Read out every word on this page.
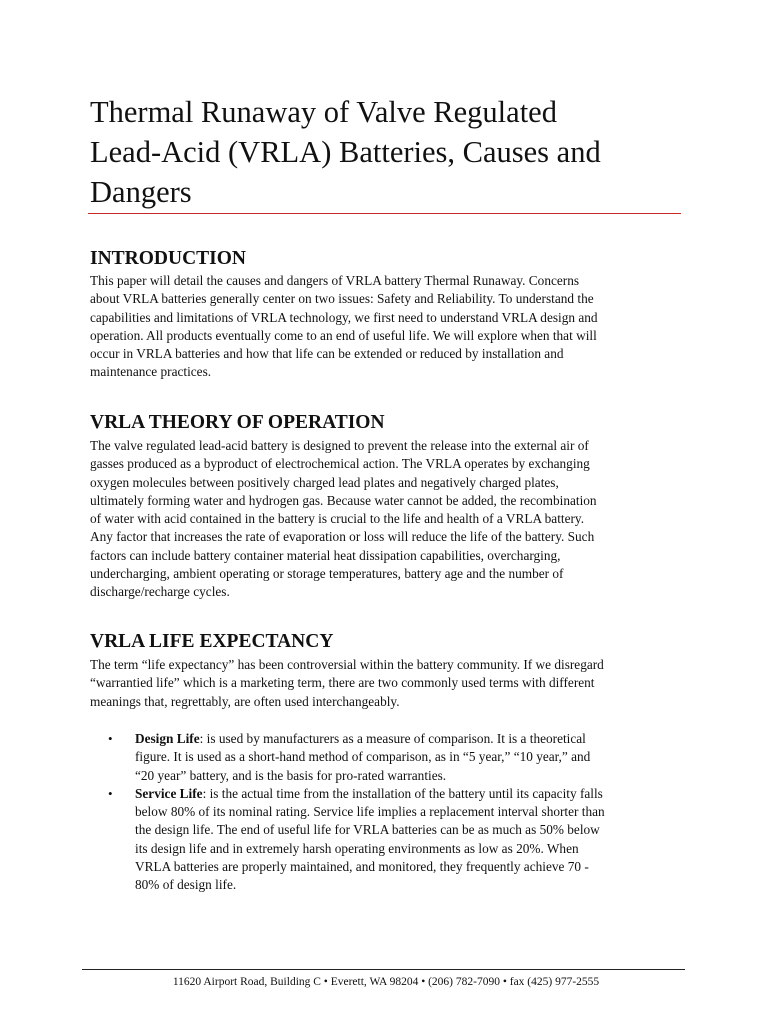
Thermal Runaway of Valve Regulated
Lead-Acid (VRLA) Batteries, Causes and
Dangers
INTRODUCTION

This paper will detail the causes and dangers of VRLA battery Thermal Runaway. Concerns
about VRLA batteries generally center on two issues: Safety and Reliability. To understand the
capabilities and limitations of VRLA technology, we first need to understand VRLA design and
operation. All products eventually come to an end of useful life. We will explore when that will
occur in VRLA batteries and how that life can be extended or reduced by installation and
maintenance practices.

VRLA THEORY OF OPERATION

The valve regulated lead-acid battery is designed to prevent the release into the external air of
gasses produced as a byproduct of electrochemical action. The VRLA operates by exchanging
oxygen molecules between positively charged lead plates and negatively charged plates,
ultimately forming water and hydrogen gas. Because water cannot be added, the recombination
of water with acid contained in the battery is crucial to the life and health of a VRLA battery.
Any factor that increases the rate of evaporation or loss will reduce the life of the battery. Such
factors can include battery container material heat dissipation capabilities, overcharging,
undercharging, ambient operating or storage temperatures, battery age and the number of
discharge/recharge cycles.

VRLA LIFE EXPECTANCY

The term “life expectancy” has been controversial within the battery community. If we disregard
“warrantied life” which is a marketing term, there are two commonly used terms with different
meanings that, regrettably, are often used interchangeably.

• Design Life: is used by manufacturers as a measure of comparison. It is a theoretical
figure. It is used as a short-hand method of comparison, as in “5 year,” “10 year,” and
“20 year” battery, and is the basis for pro-rated warranties.
• Service Life: is the actual time from the installation of the battery until its capacity falls
below 80% of its nominal rating. Service life implies a replacement interval shorter than
the design life. The end of useful life for VRLA batteries can be as much as 50% below
its design life and in extremely harsh operating environments as low as 20%. When
VRLA batteries are properly maintained, and monitored, they frequently achieve 70 -
80% of design life.

11620 Airport Road, Building C • Everett, WA 98204 • (206) 782-7090 • fax (425) 977-2555
